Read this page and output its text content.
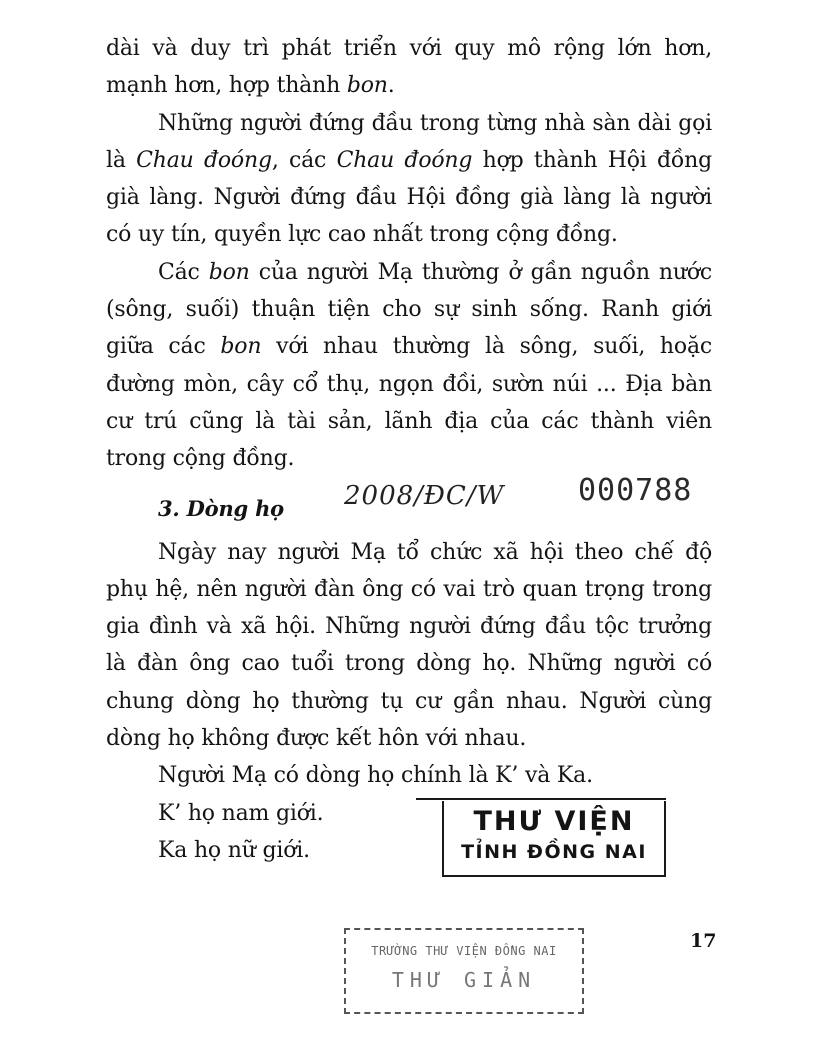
dài và duy trì phát triển với quy mô rộng lớn hơn, mạnh hơn, hợp thành bon.

Những người đứng đầu trong từng nhà sàn dài gọi là Chau đoóng, các Chau đoóng hợp thành Hội đồng già làng. Người đứng đầu Hội đồng già làng là người có uy tín, quyền lực cao nhất trong cộng đồng.

Các bon của người Mạ thường ở gần nguồn nước (sông, suối) thuận tiện cho sự sinh sống. Ranh giới giữa các bon với nhau thường là sông, suối, hoặc đường mòn, cây cổ thụ, ngọn đồi, sườn núi ... Địa bàn cư trú cũng là tài sản, lãnh địa của các thành viên trong cộng đồng.

3. Dòng họ 2008/ĐC/W 000788

Ngày nay người Mạ tổ chức xã hội theo chế độ phụ hệ, nên người đàn ông có vai trò quan trọng trong gia đình và xã hội. Những người đứng đầu tộc trưởng là đàn ông cao tuổi trong dòng họ. Những người có chung dòng họ thường tụ cư gần nhau. Người cùng dòng họ không được kết hôn với nhau.

Người Mạ có dòng họ chính là K’ và Ka.

K’ họ nam giới.

Ka họ nữ giới.

THƯ VIỆN
TỈNH ĐỒNG NAI
TRƯỜNG THƯ VIỆN ĐỒNG NAI
THƯ GIẢN
17
